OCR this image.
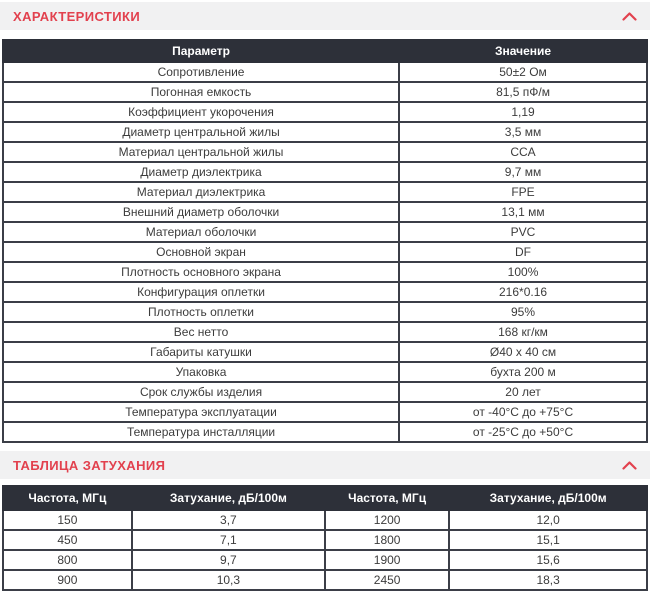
ХАРАКТЕРИСТИКИ
Параметр	Значение
Сопротивление	50±2 Ом
Погонная емкость	81,5 пФ/м
Коэффициент укорочения	1,19
Диаметр центральной жилы	3,5 мм
Материал центральной жилы	CCA
Диаметр диэлектрика	9,7 мм
Материал диэлектрика	FPE
Внешний диаметр оболочки	13,1 мм
Материал оболочки	PVC
Основной экран	DF
Плотность основного экрана	100%
Конфигурация оплетки	216*0.16
Плотность оплетки	95%
Вес нетто	168 кг/км
Габариты катушки	Ø40 x 40 см
Упаковка	бухта 200 м
Срок службы изделия	20 лет
Температура эксплуатации	от -40°С до +75°С
Температура инсталляции	от -25°С до +50°С
ТАБЛИЦА ЗАТУХАНИЯ
Частота, МГц	Затухание, дБ/100м	Частота, МГц	Затухание, дБ/100м
150	3,7	1200	12,0
450	7,1	1800	15,1
800	9,7	1900	15,6
900	10,3	2450	18,3
